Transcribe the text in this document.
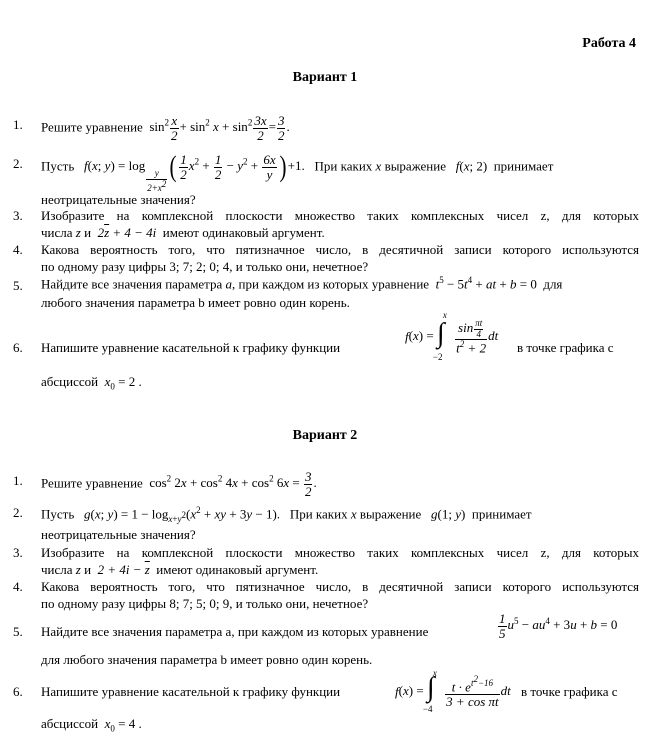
Работа 4
Вариант 1
1. Решите уравнение $\sin^2 \frac{x}{2} + \sin^2 x + \sin^2 \frac{3x}{2} = \frac{3}{2}$ .
2. Пусть f(x; y) = log
$\frac{y}{2+x^2}$ ( $\frac{1}{2} x^2 + \frac{1}{2} - y^2 + \frac{6x}{y}$ ) +1. При каких x выражение f(x; 2)  принимает
неотрицательные значения?
3. Изобразите на комплексной плоскости множество таких комплексных чисел z, для которых
числа z и $2\overline{z} + 4 - 4i$ имеют одинаковый аргумент.
4. Какова вероятность того, что пятизначное число, в десятичной записи которого используются
по одному разу цифры 3; 7; 2; 0; 4, и только они, нечетное?
5. Найдите все значения параметра a, при каждом из которых уравнение $t^5 - 5t^4$ + at + b = 0  для
любого значения параметра b имеет ровно один корень.
6. Напишите уравнение касательной к графику функции
f(x) =
x
∫
−2

$\frac{\sin \frac{\pi t}{4}}{t^2 + 2}$ dt
в точке графика с
абсциссой $x_0 = 2$ .
Вариант 2
1. Решите уравнение $\cos^2 2x + \cos^2 4x + \cos^2 6x = \frac{3}{2}$ .
2. Пусть g(x; $y) = 1 - \log_{x+y^2}(x^2$ + xy + 3y − 1).   При каких x выражение g(1; y)  принимает
неотрицательные значения?
3. Изобразите на комплексной плоскости множество таких комплексных чисел z, для которых
числа z и $2 + 4i - \overline{z}$ имеют одинаковый аргумент.
4. Какова вероятность того, что пятизначное число, в десятичной записи которого используются
по одному разу цифры 8; 7; 5; 0; 9, и только они, нечетное?
5. Найдите все значения параметра a, при каждом из которых уравнение	$\frac{1}{5} u^5 - au^4 + 3u + b = 0$
для любого значения параметра b имеет ровно один корень.
6. Напишите уравнение касательной к графику функции	f(x) =
x
∫
−4

$\frac{t \cdot e^{t^2-16}}{\text{3 + cos πt}}$ dt в точке графика с
абсциссой $x_0 = 4$ .
